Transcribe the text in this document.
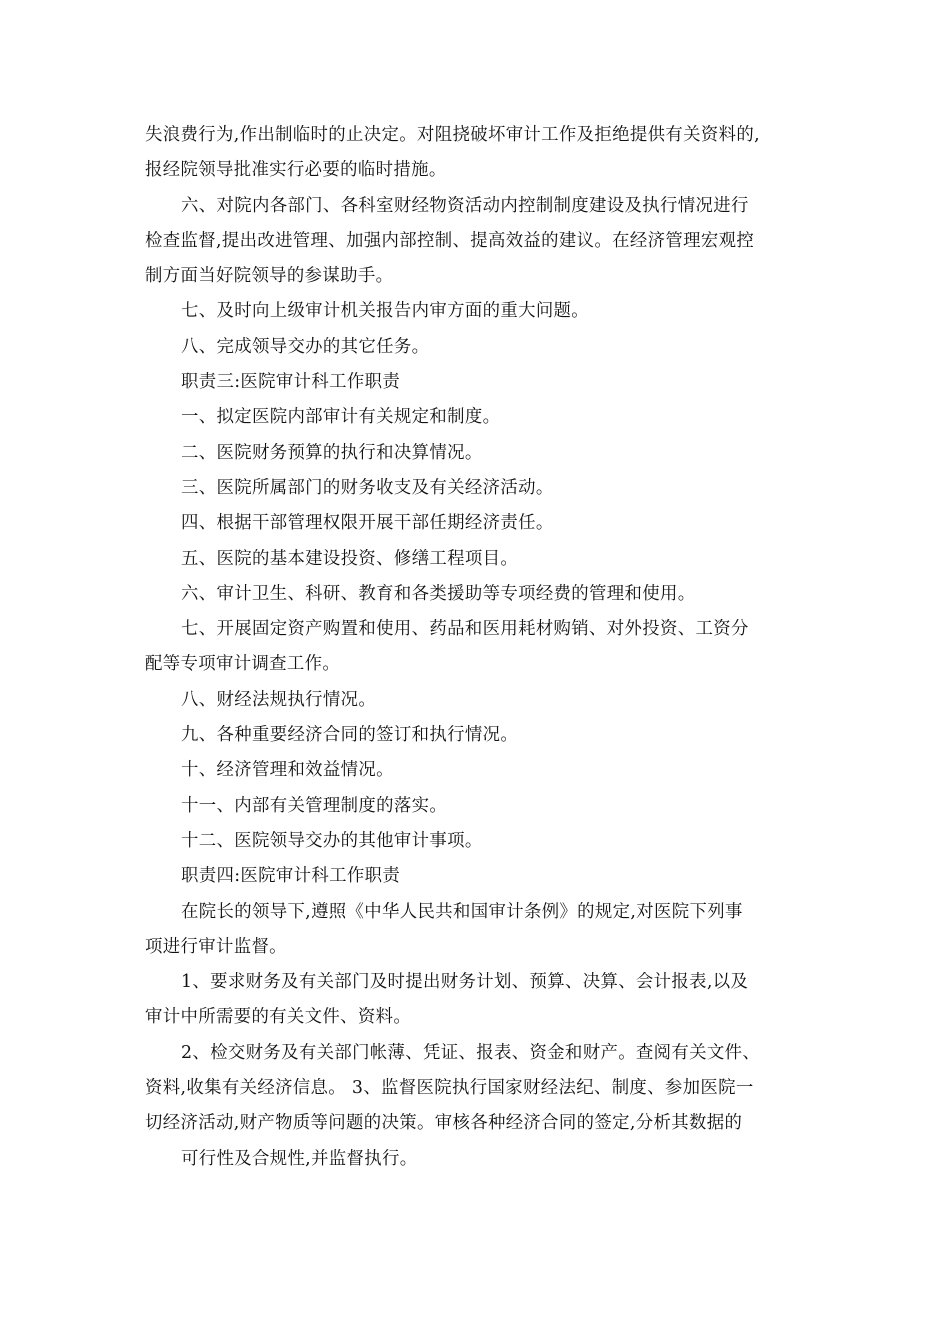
失浪费行为,作出制临时的止决定。对阻挠破坏审计工作及拒绝提供有关资料的,
报经院领导批准实行必要的临时措施。
六、对院内各部门、各科室财经物资活动内控制制度建设及执行情况进行
检查监督,提出改进管理、加强内部控制、提高效益的建议。在经济管理宏观控
制方面当好院领导的参谋助手。
七、及时向上级审计机关报告内审方面的重大问题。
八、完成领导交办的其它任务。
职责三:医院审计科工作职责
一、拟定医院内部审计有关规定和制度。
二、医院财务预算的执行和决算情况。
三、医院所属部门的财务收支及有关经济活动。
四、根据干部管理权限开展干部任期经济责任。
五、医院的基本建设投资、修缮工程项目。
六、审计卫生、科研、教育和各类援助等专项经费的管理和使用。
七、开展固定资产购置和使用、药品和医用耗材购销、对外投资、工资分
配等专项审计调查工作。
八、财经法规执行情况。
九、各种重要经济合同的签订和执行情况。
十、经济管理和效益情况。
十一、内部有关管理制度的落实。
十二、医院领导交办的其他审计事项。
职责四:医院审计科工作职责
在院长的领导下,遵照《中华人民共和国审计条例》的规定,对医院下列事
项进行审计监督。
1、要求财务及有关部门及时提出财务计划、预算、决算、会计报表,以及
审计中所需要的有关文件、资料。
2、检交财务及有关部门帐薄、凭证、报表、资金和财产。查阅有关文件、
资料,收集有关经济信息。 3、监督医院执行国家财经法纪、制度、参加医院一
切经济活动,财产物质等问题的决策。审核各种经济合同的签定,分析其数据的
可行性及合规性,并监督执行。
